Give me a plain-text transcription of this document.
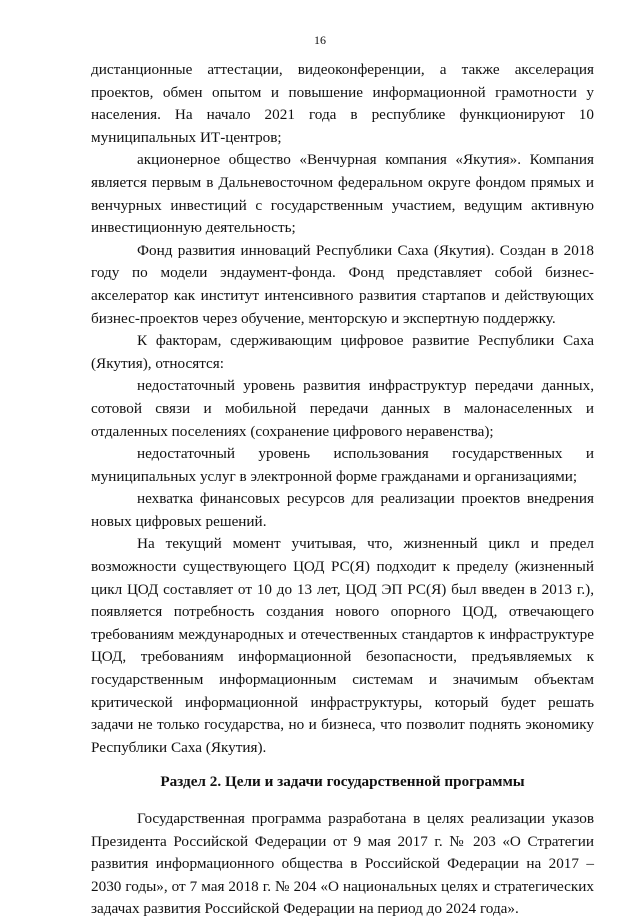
16

дистанционные аттестации, видеоконференции, а также акселерация проектов, обмен опытом и повышение информационной грамотности у населения. На начало 2021 года в республике функционируют 10 муниципальных ИТ-центров;

акционерное общество «Венчурная компания «Якутия». Компания является первым в Дальневосточном федеральном округе фондом прямых и венчурных инвестиций с государственным участием, ведущим активную инвестиционную деятельность;

Фонд развития инноваций Республики Саха (Якутия). Создан в 2018 году по модели эндаумент-фонда. Фонд представляет собой бизнес-акселератор как институт интенсивного развития стартапов и действующих бизнес-проектов через обучение, менторскую и экспертную поддержку.

К факторам, сдерживающим цифровое развитие Республики Саха (Якутия), относятся:

недостаточный уровень развития инфраструктур передачи данных, сотовой связи и мобильной передачи данных в малонаселенных и отдаленных поселениях (сохранение цифрового неравенства);

недостаточный уровень использования государственных и муниципальных услуг в электронной форме гражданами и организациями;

нехватка финансовых ресурсов для реализации проектов внедрения новых цифровых решений.

На текущий момент учитывая, что, жизненный цикл и предел возможности существующего ЦОД РС(Я) подходит к пределу (жизненный цикл ЦОД составляет от 10 до 13 лет, ЦОД ЭП РС(Я) был введен в 2013 г.), появляется потребность создания нового опорного ЦОД, отвечающего требованиям международных и отечественных стандартов к инфраструктуре ЦОД, требованиям информационной безопасности, предъявляемых к государственным информационным системам и значимым объектам критической информационной инфраструктуры, который будет решать задачи не только государства, но и бизнеса, что позволит поднять экономику Республики Саха (Якутия).

Раздел 2. Цели и задачи государственной программы

Государственная программа разработана в целях реализации указов Президента Российской Федерации от 9 мая 2017 г. № 203 «О Стратегии развития информационного общества в Российской Федерации на 2017 – 2030 годы», от 7 мая 2018 г. № 204 «О национальных целях и стратегических задачах развития Российской Федерации на период до 2024 года».
